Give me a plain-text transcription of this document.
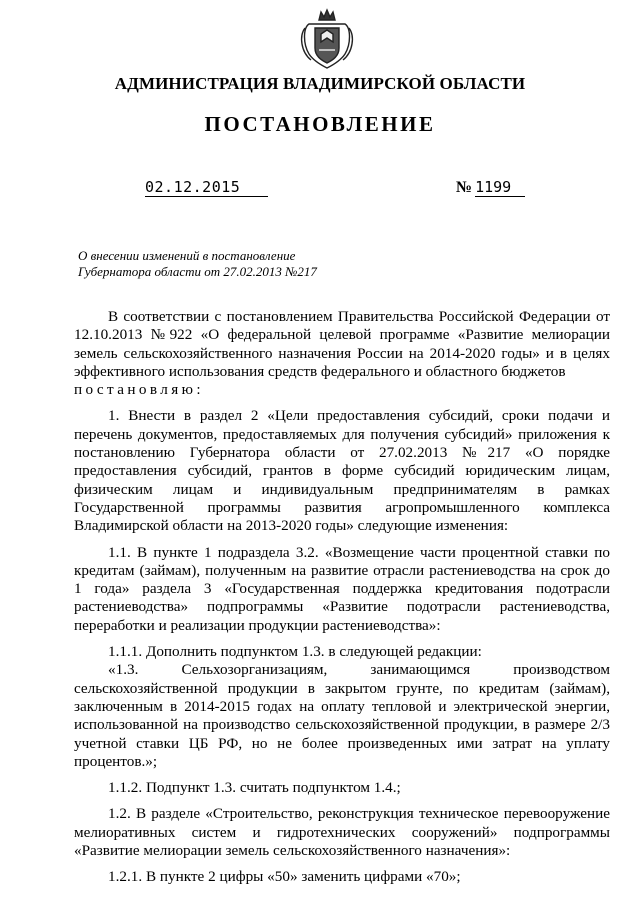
АДМИНИСТРАЦИЯ ВЛАДИМИРСКОЙ ОБЛАСТИ
ПОСТАНОВЛЕНИЕ
02.12.2015	№ 1199
О внесении изменений в постановление
Губернатора области от 27.02.2013 №217

В соответствии с постановлением Правительства Российской Федерации от 12.10.2013 №922 «О федеральной целевой программе «Развитие мелиорации земель сельскохозяйственного назначения России на 2014-2020 годы» и в целях эффективного использования средств федерального и областного бюджетов

постановляю:

1. Внести в раздел 2 «Цели предоставления субсидий, сроки подачи и перечень документов, предоставляемых для получения субсидий» приложения к постановлению Губернатора области от 27.02.2013 №217 «О порядке предоставления субсидий, грантов в форме субсидий юридическим лицам, физическим лицам и индивидуальным предпринимателям в рамках Государственной программы развития агропромышленного комплекса Владимирской области на 2013-2020 годы» следующие изменения:

1.1. В пункте 1 подраздела 3.2. «Возмещение части процентной ставки по кредитам (займам), полученным на развитие отрасли растениеводства на срок до 1 года» раздела 3 «Государственная поддержка кредитования подотрасли растениеводства» подпрограммы «Развитие подотрасли растениеводства, переработки и реализации продукции растениеводства»:

1.1.1. Дополнить подпунктом 1.3. в следующей редакции:

«1.3. Сельхозорганизациям, занимающимся производством сельскохозяйственной продукции в закрытом грунте, по кредитам (займам), заключенным в 2014-2015 годах на оплату тепловой и электрической энергии, использованной на производство сельскохозяйственной продукции, в размере 2/3 учетной ставки ЦБ РФ, но не более произведенных ими затрат на уплату процентов.»;

1.1.2. Подпункт 1.3. считать подпунктом 1.4.;

1.2. В разделе «Строительство, реконструкция техническое перевооружение мелиоративных систем и гидротехнических сооружений» подпрограммы «Развитие мелиорации земель сельскохозяйственного назначения»:

1.2.1. В пункте 2 цифры «50» заменить цифрами «70»;
